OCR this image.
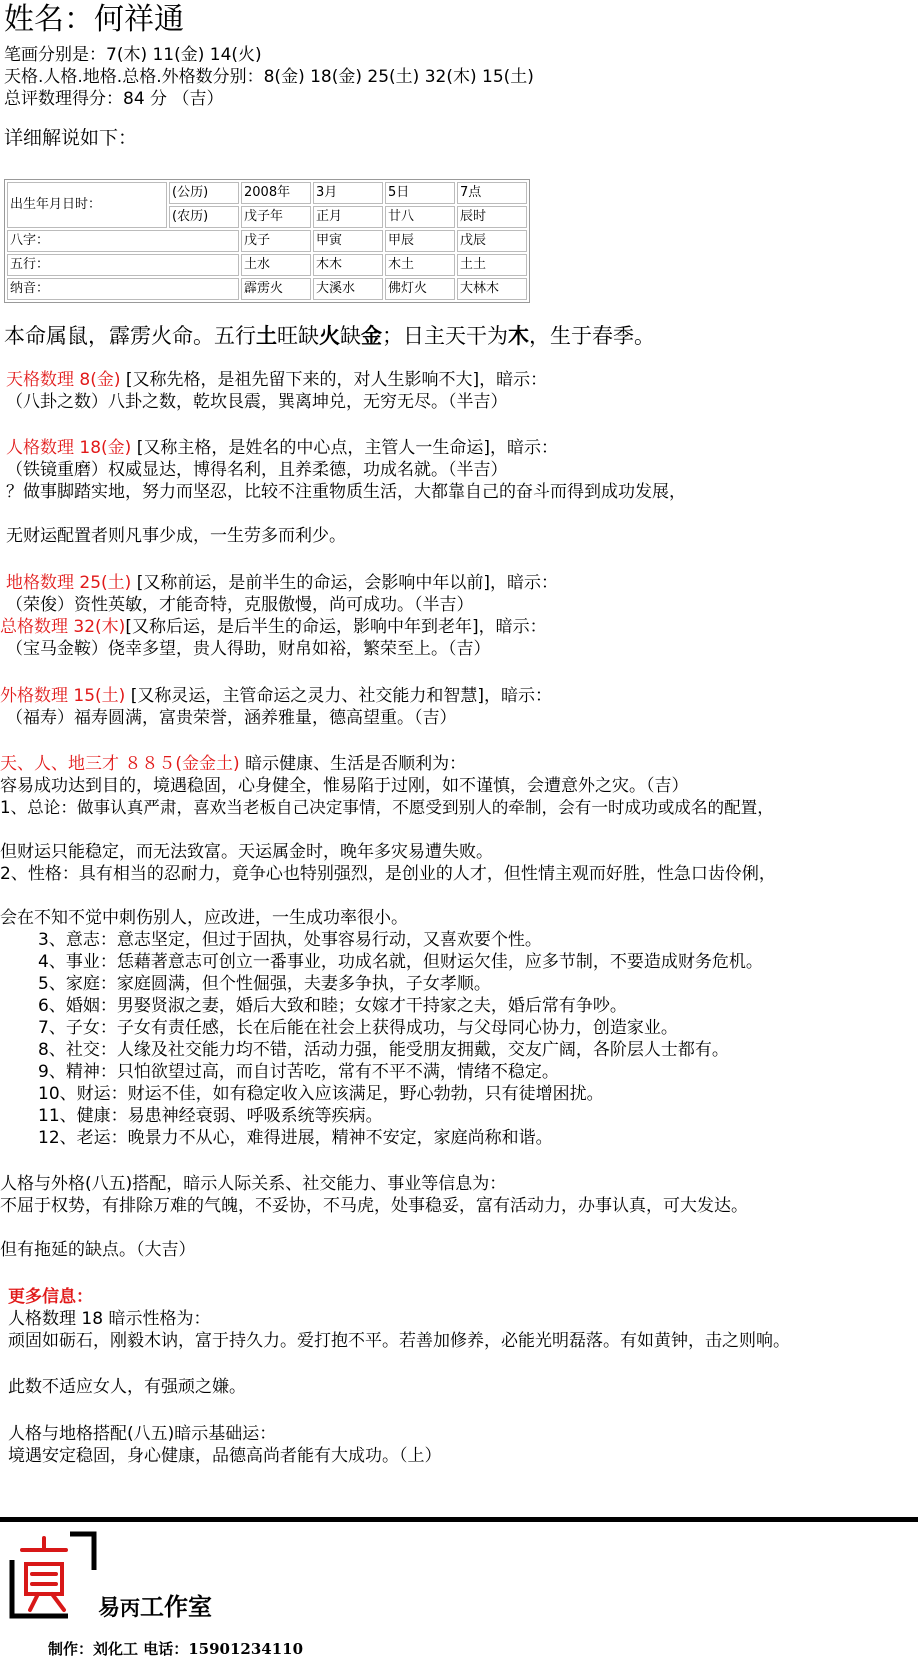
姓名：何祥通
笔画分别是：7(木) 11(金) 14(火)
天格.人格.地格.总格.外格数分别：8(金) 18(金) 25(土) 32(木) 15(土)
总评数理得分：84 分 （吉）
详细解说如下：
出生年月日时：	(公历)	2008年	3月	5日	7点
	(农历)	戊子年	正月	廿八	辰时
八字：		戊子	甲寅	甲辰	戊辰
五行：		土水	木木	木土	土土
纳音：		霹雳火	大溪水	佛灯火	大林木
本命属鼠，霹雳火命。五行土旺缺火缺金；日主天干为木，生于春季。
天格数理 8(金) [又称先格，是祖先留下来的，对人生影响不大]，暗示：
（八卦之数）八卦之数，乾坎艮震，巽离坤兑，无穷无尽。（半吉）
人格数理 18(金) [又称主格，是姓名的中心点，主管人一生命运]，暗示：
（铁镜重磨）权威显达，博得名利，且养柔德，功成名就。（半吉）
？做事脚踏实地，努力而坚忍，比较不注重物质生活，大都靠自己的奋斗而得到成功发展，
无财运配置者则凡事少成，一生劳多而利少。
地格数理 25(土) [又称前运，是前半生的命运，会影响中年以前]，暗示：
（荣俊）资性英敏，才能奇特，克服傲慢，尚可成功。（半吉）
总格数理 32(木)[又称后运，是后半生的命运，影响中年到老年]，暗示：
（宝马金鞍）侥幸多望，贵人得助，财帛如裕，繁荣至上。（吉）
外格数理 15(土) [又称灵运，主管命运之灵力、社交能力和智慧]，暗示：
（福寿）福寿圆满，富贵荣誉，涵养雅量，德高望重。（吉）
天、人、地三才 ８８５(金金土) 暗示健康、生活是否顺利为：
容易成功达到目的，境遇稳固，心身健全，惟易陷于过刚，如不谨慎，会遭意外之灾。（吉）
1、总论：做事认真严肃，喜欢当老板自己决定事情，不愿受到别人的牵制，会有一时成功或成名的配置，
但财运只能稳定，而无法致富。天运属金时，晚年多灾易遭失败。
2、性格：具有相当的忍耐力，竟争心也特别强烈，是创业的人才，但性情主观而好胜，性急口齿伶俐，
会在不知不觉中刺伤别人，应改进，一生成功率很小。
3、意志：意志坚定，但过于固执，处事容易行动，又喜欢要个性。
4、事业：恁藉著意志可创立一番事业，功成名就，但财运欠佳，应多节制，不要造成财务危机。
5、家庭：家庭圆满，但个性倔强，夫妻多争执，子女孝顺。
6、婚姻：男娶贤淑之妻，婚后大致和睦；女嫁才干持家之夫，婚后常有争吵。
7、子女：子女有责任感，长在后能在社会上获得成功，与父母同心协力，创造家业。
8、社交：人缘及社交能力均不错，活动力强，能受朋友拥戴，交友广阔，各阶层人士都有。
9、精神：只怕欲望过高，而自讨苦吃，常有不平不满，情绪不稳定。
10、财运：财运不佳，如有稳定收入应该满足，野心勃勃，只有徒增困扰。
11、健康：易患神经衰弱、呼吸系统等疾病。
12、老运：晚景力不从心，难得进展，精神不安定，家庭尚称和谐。
人格与外格(八五)搭配，暗示人际关系、社交能力、事业等信息为：
不屈于权势，有排除万难的气魄，不妥协，不马虎，处事稳妥，富有活动力，办事认真，可大发达。
但有拖延的缺点。（大吉）
更多信息：
人格数理 18 暗示性格为：
顽固如砺石，刚毅木讷，富于持久力。爱打抱不平。若善加修养，必能光明磊落。有如黄钟，击之则响。
此数不适应女人，有强顽之嫌。
人格与地格搭配(八五)暗示基础运：
境遇安定稳固，身心健康，品德高尚者能有大成功。（上）
易㆛工作室
制作：刘化工 电话：15901234110
